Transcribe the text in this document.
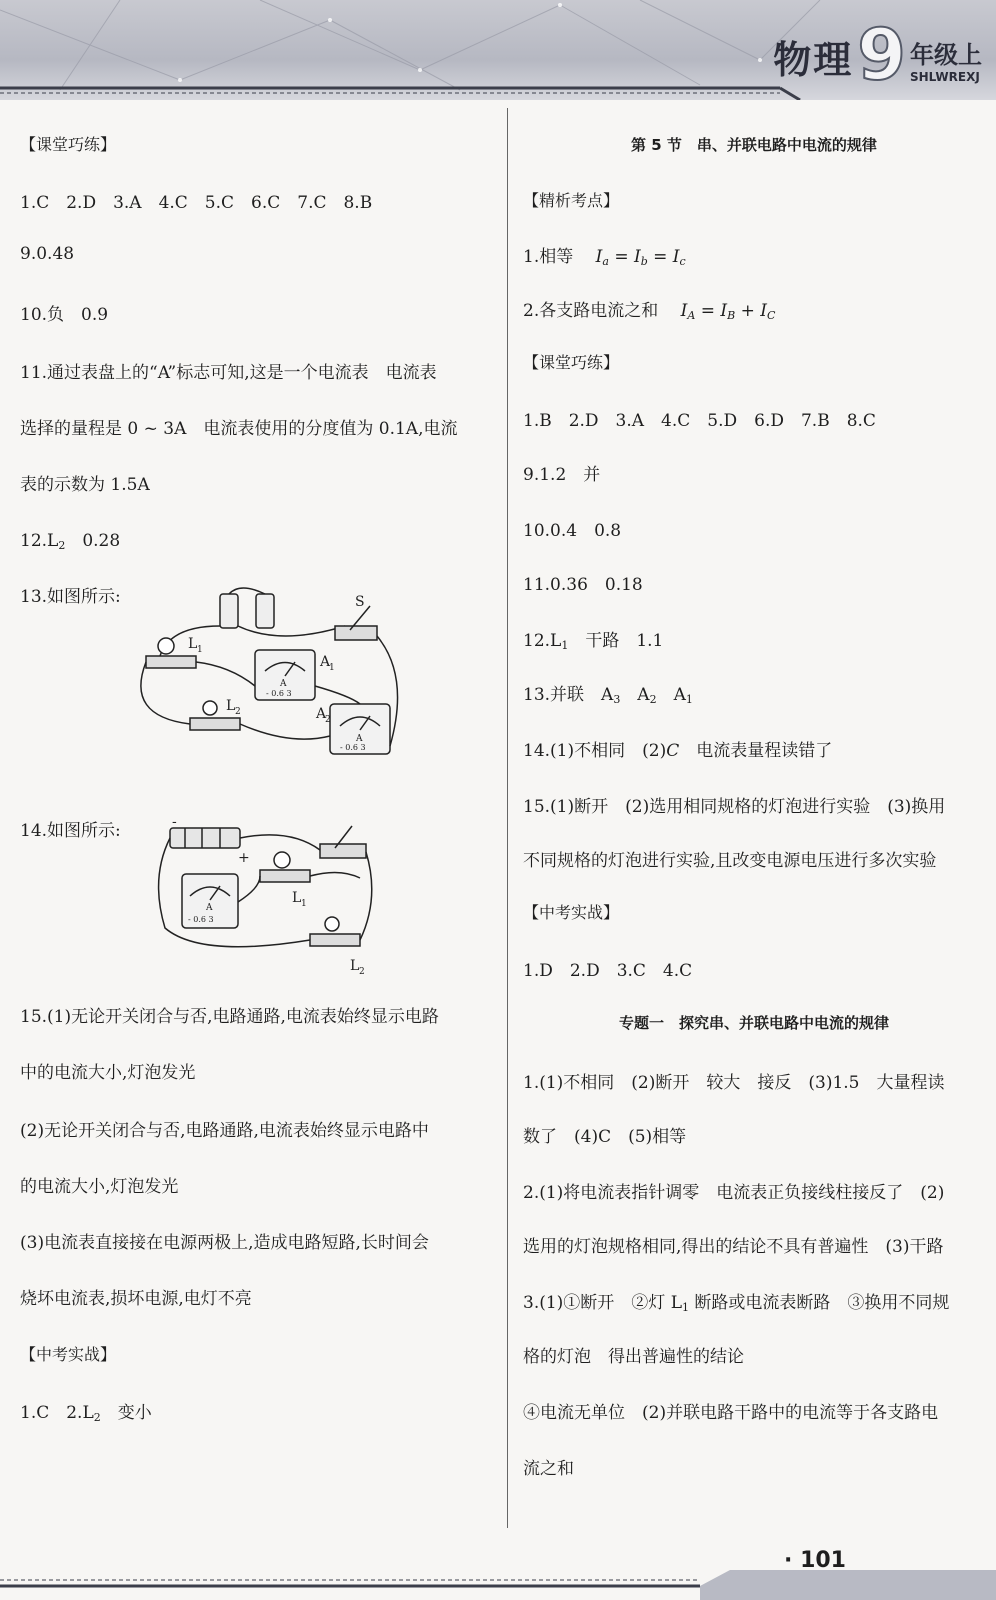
物理 9 年级上
SHLWREXJ
【课堂巧练】
1.C　2.D　3.A　4.C　5.C　6.C　7.C　8.B
9.0.48
10.负　0.9
11.通过表盘上的“A”标志可知,这是一个电流表　电流表
选择的量程是 0 ~ 3A　电流表使用的分度值为 0.1A,电流
表的示数为 1.5A
$12.L_2$　0.28
13.如图所示:	S
L 1
L 2
A
1
A
2
A
- 0.6 3
A
- 0.6 3
14.如图所示:	-
+
L 1
L 2
A
- 0.6 3
15.(1)无论开关闭合与否,电路通路,电流表始终显示电路
中的电流大小,灯泡发光
(2)无论开关闭合与否,电路通路,电流表始终显示电路中
的电流大小,灯泡发光
(3)电流表直接接在电源两极上,造成电路短路,长时间会
烧坏电流表,损坏电源,电灯不亮
【中考实战】
1.C　$2.L_2$　变小
第 5 节　串、并联电路中电流的规律
【精析考点】
1.相等　 $I_a = I_b = I_c$
2.各支路电流之和　 $I_A = I_B + I_C$
【课堂巧练】
1.B　2.D　3.A　4.C　5.D　6.D　7.B　8.C
9.1.2　并
10.0.4　0.8
11.0.36　0.18
$12.L_1$　干路　1.1
13.并联　$A_3$　$A_2$　$A_1$
14.(1)不相同　(2)C　电流表量程读错了
15.(1)断开　(2)选用相同规格的灯泡进行实验　(3)换用
不同规格的灯泡进行实验,且改变电源电压进行多次实验
【中考实战】
1.D　2.D　3.C　4.C
专题一　探究串、并联电路中电流的规律
1.(1)不相同　(2)断开　较大　接反　(3)1.5　大量程读
数了　(4)C　(5)相等
2.(1)将电流表指针调零　电流表正负接线柱接反了　(2)
选用的灯泡规格相同,得出的结论不具有普遍性　(3)干路
3.(1)①断开　②灯 $L_1$ 断路或电流表断路　③换用不同规
格的灯泡　得出普遍性的结论
④电流无单位　(2)并联电路干路中的电流等于各支路电
流之和
· 101
